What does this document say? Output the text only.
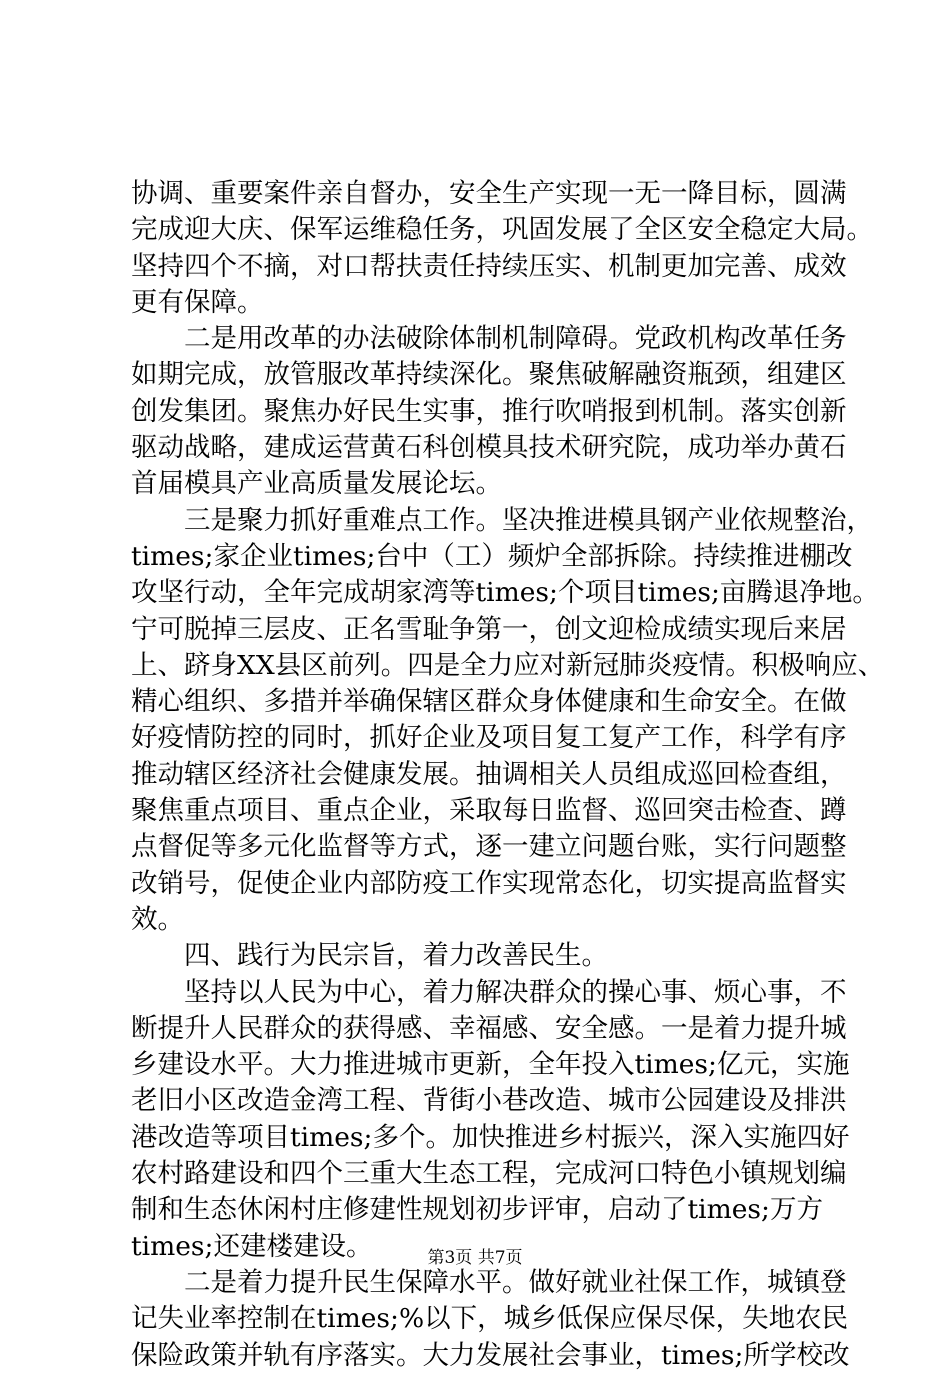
协调、重要案件亲自督办，安全生产实现一无一降目标，圆满
完成迎大庆、保军运维稳任务，巩固发展了全区安全稳定大局。
坚持四个不摘，对口帮扶责任持续压实、机制更加完善、成效
更有保障。
　　二是用改革的办法破除体制机制障碍。党政机构改革任务
如期完成，放管服改革持续深化。聚焦破解融资瓶颈，组建区
创发集团。聚焦办好民生实事，推行吹哨报到机制。落实创新
驱动战略，建成运营黄石科创模具技术研究院，成功举办黄石
首届模具产业高质量发展论坛。
　　三是聚力抓好重难点工作。坚决推进模具钢产业依规整治，
times;家企业times;台中（工）频炉全部拆除。持续推进棚改
攻坚行动，全年完成胡家湾等times;个项目times;亩腾退净地。
宁可脱掉三层皮、正名雪耻争第一，创文迎检成绩实现后来居
上、跻身XX县区前列。四是全力应对新冠肺炎疫情。积极响应、
精心组织、多措并举确保辖区群众身体健康和生命安全。在做
好疫情防控的同时，抓好企业及项目复工复产工作，科学有序
推动辖区经济社会健康发展。抽调相关人员组成巡回检查组，
聚焦重点项目、重点企业，采取每日监督、巡回突击检查、蹲
点督促等多元化监督等方式，逐一建立问题台账，实行问题整
改销号，促使企业内部防疫工作实现常态化，切实提高监督实
效。
　　四、践行为民宗旨，着力改善民生。
　　坚持以人民为中心，着力解决群众的操心事、烦心事，不
断提升人民群众的获得感、幸福感、安全感。一是着力提升城
乡建设水平。大力推进城市更新，全年投入times;亿元，实施
老旧小区改造金湾工程、背街小巷改造、城市公园建设及排洪
港改造等项目times;多个。加快推进乡村振兴，深入实施四好
农村路建设和四个三重大生态工程，完成河口特色小镇规划编
制和生态休闲村庄修建性规划初步评审，启动了times;万方
times;还建楼建设。
　　二是着力提升民生保障水平。做好就业社保工作，城镇登
记失业率控制在times;%以下，城乡低保应保尽保，失地农民
保险政策并轨有序落实。大力发展社会事业，times;所学校改
第3页 共7页
